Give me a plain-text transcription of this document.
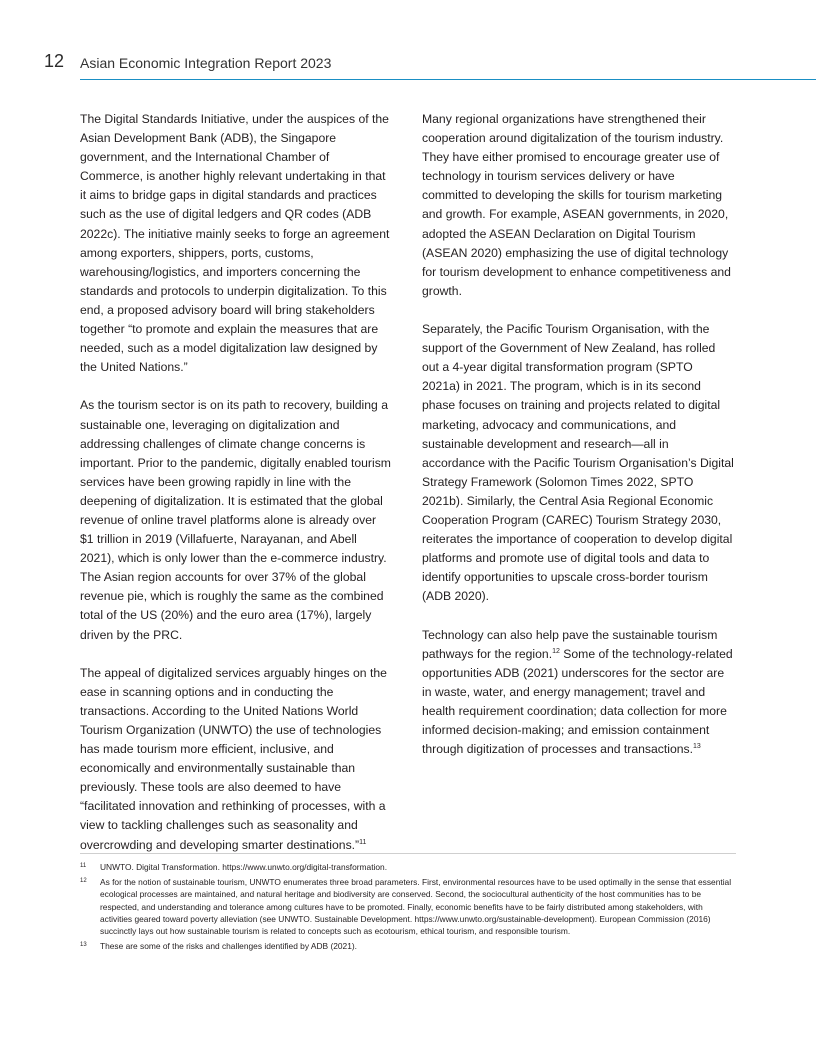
12 Asian Economic Integration Report 2023

The Digital Standards Initiative, under the auspices of the Asian Development Bank (ADB), the Singapore government, and the International Chamber of Commerce, is another highly relevant undertaking in that it aims to bridge gaps in digital standards and practices such as the use of digital ledgers and QR codes (ADB 2022c). The initiative mainly seeks to forge an agreement among exporters, shippers, ports, customs, warehousing/logistics, and importers concerning the standards and protocols to underpin digitalization. To this end, a proposed advisory board will bring stakeholders together “to promote and explain the measures that are needed, such as a model digitalization law designed by the United Nations.”

As the tourism sector is on its path to recovery, building a sustainable one, leveraging on digitalization and addressing challenges of climate change concerns is important. Prior to the pandemic, digitally enabled tourism services have been growing rapidly in line with the deepening of digitalization. It is estimated that the global revenue of online travel platforms alone is already over $1 trillion in 2019 (Villafuerte, Narayanan, and Abell 2021), which is only lower than the e-commerce industry. The Asian region accounts for over 37% of the global revenue pie, which is roughly the same as the combined total of the US (20%) and the euro area (17%), largely driven by the PRC.

The appeal of digitalized services arguably hinges on the ease in scanning options and in conducting the transactions. According to the United Nations World Tourism Organization (UNWTO) the use of technologies has made tourism more efficient, inclusive, and economically and environmentally sustainable than previously. These tools are also deemed to have “facilitated innovation and rethinking of processes, with a view to tackling challenges such as seasonality and overcrowding and developing smarter destinations.”$^{11}$

Many regional organizations have strengthened their cooperation around digitalization of the tourism industry. They have either promised to encourage greater use of technology in tourism services delivery or have committed to developing the skills for tourism marketing and growth. For example, ASEAN governments, in 2020, adopted the ASEAN Declaration on Digital Tourism (ASEAN 2020) emphasizing the use of digital technology for tourism development to enhance competitiveness and growth.

Separately, the Pacific Tourism Organisation, with the support of the Government of New Zealand, has rolled out a 4-year digital transformation program (SPTO 2021a) in 2021. The program, which is in its second phase focuses on training and projects related to digital marketing, advocacy and communications, and sustainable development and research—all in accordance with the Pacific Tourism Organisation’s Digital Strategy Framework (Solomon Times 2022, SPTO 2021b). Similarly, the Central Asia Regional Economic Cooperation Program (CAREC) Tourism Strategy 2030, reiterates the importance of cooperation to develop digital platforms and promote use of digital tools and data to identify opportunities to upscale cross-border tourism (ADB 2020).

Technology can also help pave the sustainable tourism pathways for the region.$^{12}$ Some of the technology-related opportunities ADB (2021) underscores for the sector are in waste, water, and energy management; travel and health requirement coordination; data collection for more informed decision-making; and emission containment through digitization of processes and transactions.$^{13}$

11	UNWTO. Digital Transformation. https://www.unwto.org/digital-transformation.
12	As for the notion of sustainable tourism, UNWTO enumerates three broad parameters. First, environmental resources have to be used optimally in the sense that essential ecological processes are maintained, and natural heritage and biodiversity are conserved. Second, the sociocultural authenticity of the host communities has to be respected, and understanding and tolerance among cultures have to be promoted. Finally, economic benefits have to be fairly distributed among stakeholders, with activities geared toward poverty alleviation (see UNWTO. Sustainable Development. https://www.unwto.org/sustainable-development). European Commission (2016) succinctly lays out how sustainable tourism is related to concepts such as ecotourism, ethical tourism, and responsible tourism.
13	These are some of the risks and challenges identified by ADB (2021).
